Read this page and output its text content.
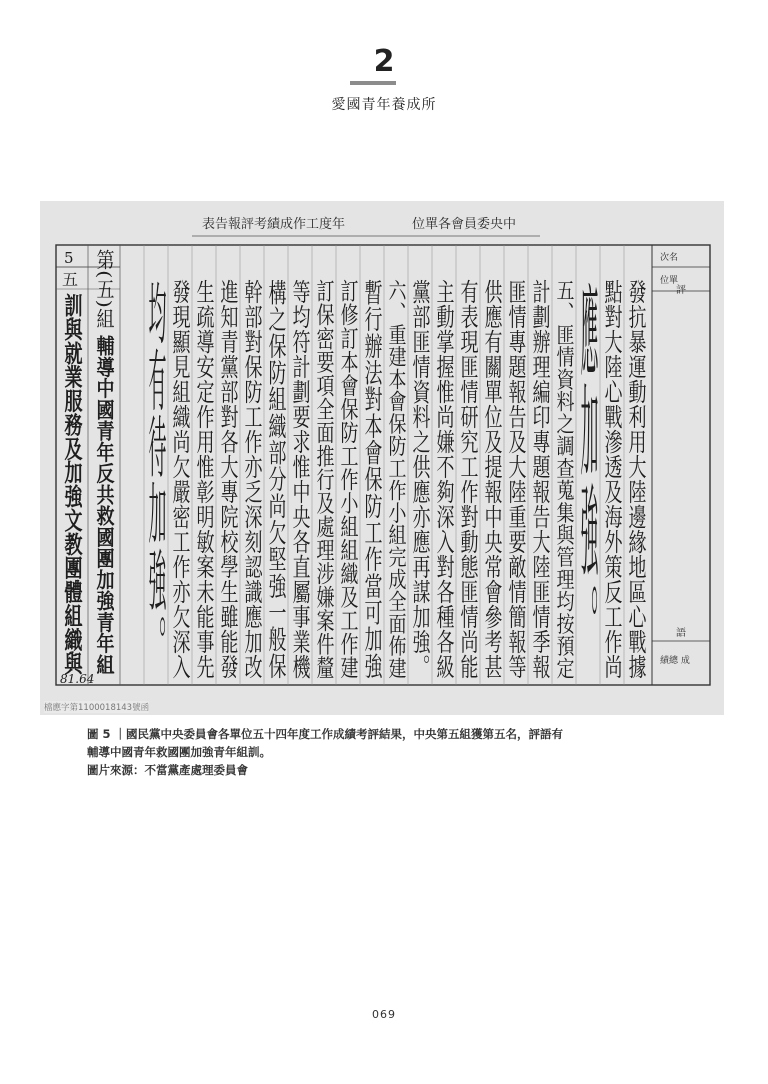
2
愛國青年養成所
表告報評考績成作工度年	位單各會員委央中
次名
位單
評
語
績總 成
5
五
81.64
發抗暴運動利用大陸邊緣地區心戰據
點對大陸心戰滲透及海外策反工作尚
應加強。
五、匪情資料之調查蒐集與管理均按預定
計劃辦理編印專題報告大陸匪情季報
匪情專題報告及大陸重要敵情簡報等
供應有關單位及提報中央常會參考甚
有表現匪情研究工作對動態匪情尚能
主動掌握惟尚嫌不夠深入對各種各級
黨部匪情資料之供應亦應再謀加強。
六、重建本會保防工作小組完成全面佈建
暫行辦法對本會保防工作當可加強
訂修訂本會保防工作小組組織及工作建
訂保密要項全面推行及處理涉嫌案件釐
等均符計劃要求惟中央各直屬事業機
構之保防組織部分尚欠堅強一般保
幹部對保防工作亦乏深刻認識應加改
進知青黨部對各大專院校學生雖能發
生疏導安定作用惟彰明敏案未能事先
發現顯見組織尚欠嚴密工作亦欠深入
均有待加強。
第(五)組
輔導中國青年反共救國團加強青年組
訓與就業服務及加強文教團體組織與
檔應字第1100018143號函

圖 5 ｜國民黨中央委員會各單位五十四年度工作成績考評結果，中央第五組獲第五名，評語有

輔導中國青年救國團加強青年組訓。

圖片來源：不當黨產處理委員會

069
